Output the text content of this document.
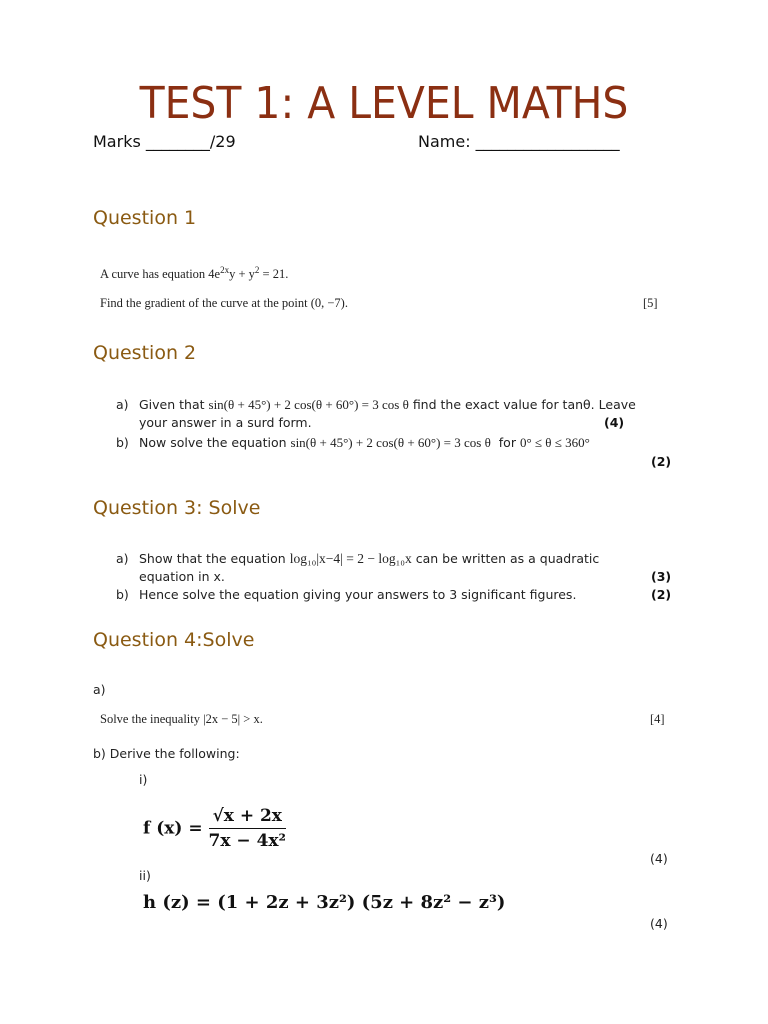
TEST 1: A LEVEL MATHS
Marks ________/29	Name: __________________
Question 1
A curve has equation $4e^{2x}y + y^2 = 21$.
Find the gradient of the curve at the point (0, −7).	[5]
Question 2
a) Given that sin(θ + 45°) + 2 cos(θ + 60°) = 3 cos θ find the exact value for tanθ. Leave
your answer in a surd form.	(4)
b) Now solve the equation sin(θ + 45°) + 2 cos(θ + 60°) = 3 cos θ for 0° ≤ θ ≤ 360°
(2)
Question 3: Solve
a) Show that the equation log₁₀|x−4| = 2 − log₁₀x can be written as a quadratic
equation in x.	(3)
b) Hence solve the equation giving your answers to 3 significant figures.	(2)
Question 4:Solve
a)
Solve the inequality |2x − 5| > x.	[4]
b) Derive the following:
i)
f $(x) = \frac{√x + 2x}{\text{7x − 4x²}}$
(4)
ii)
h (z) = (1 + 2z + 3z²) (5z + 8z² − z³)
(4)
